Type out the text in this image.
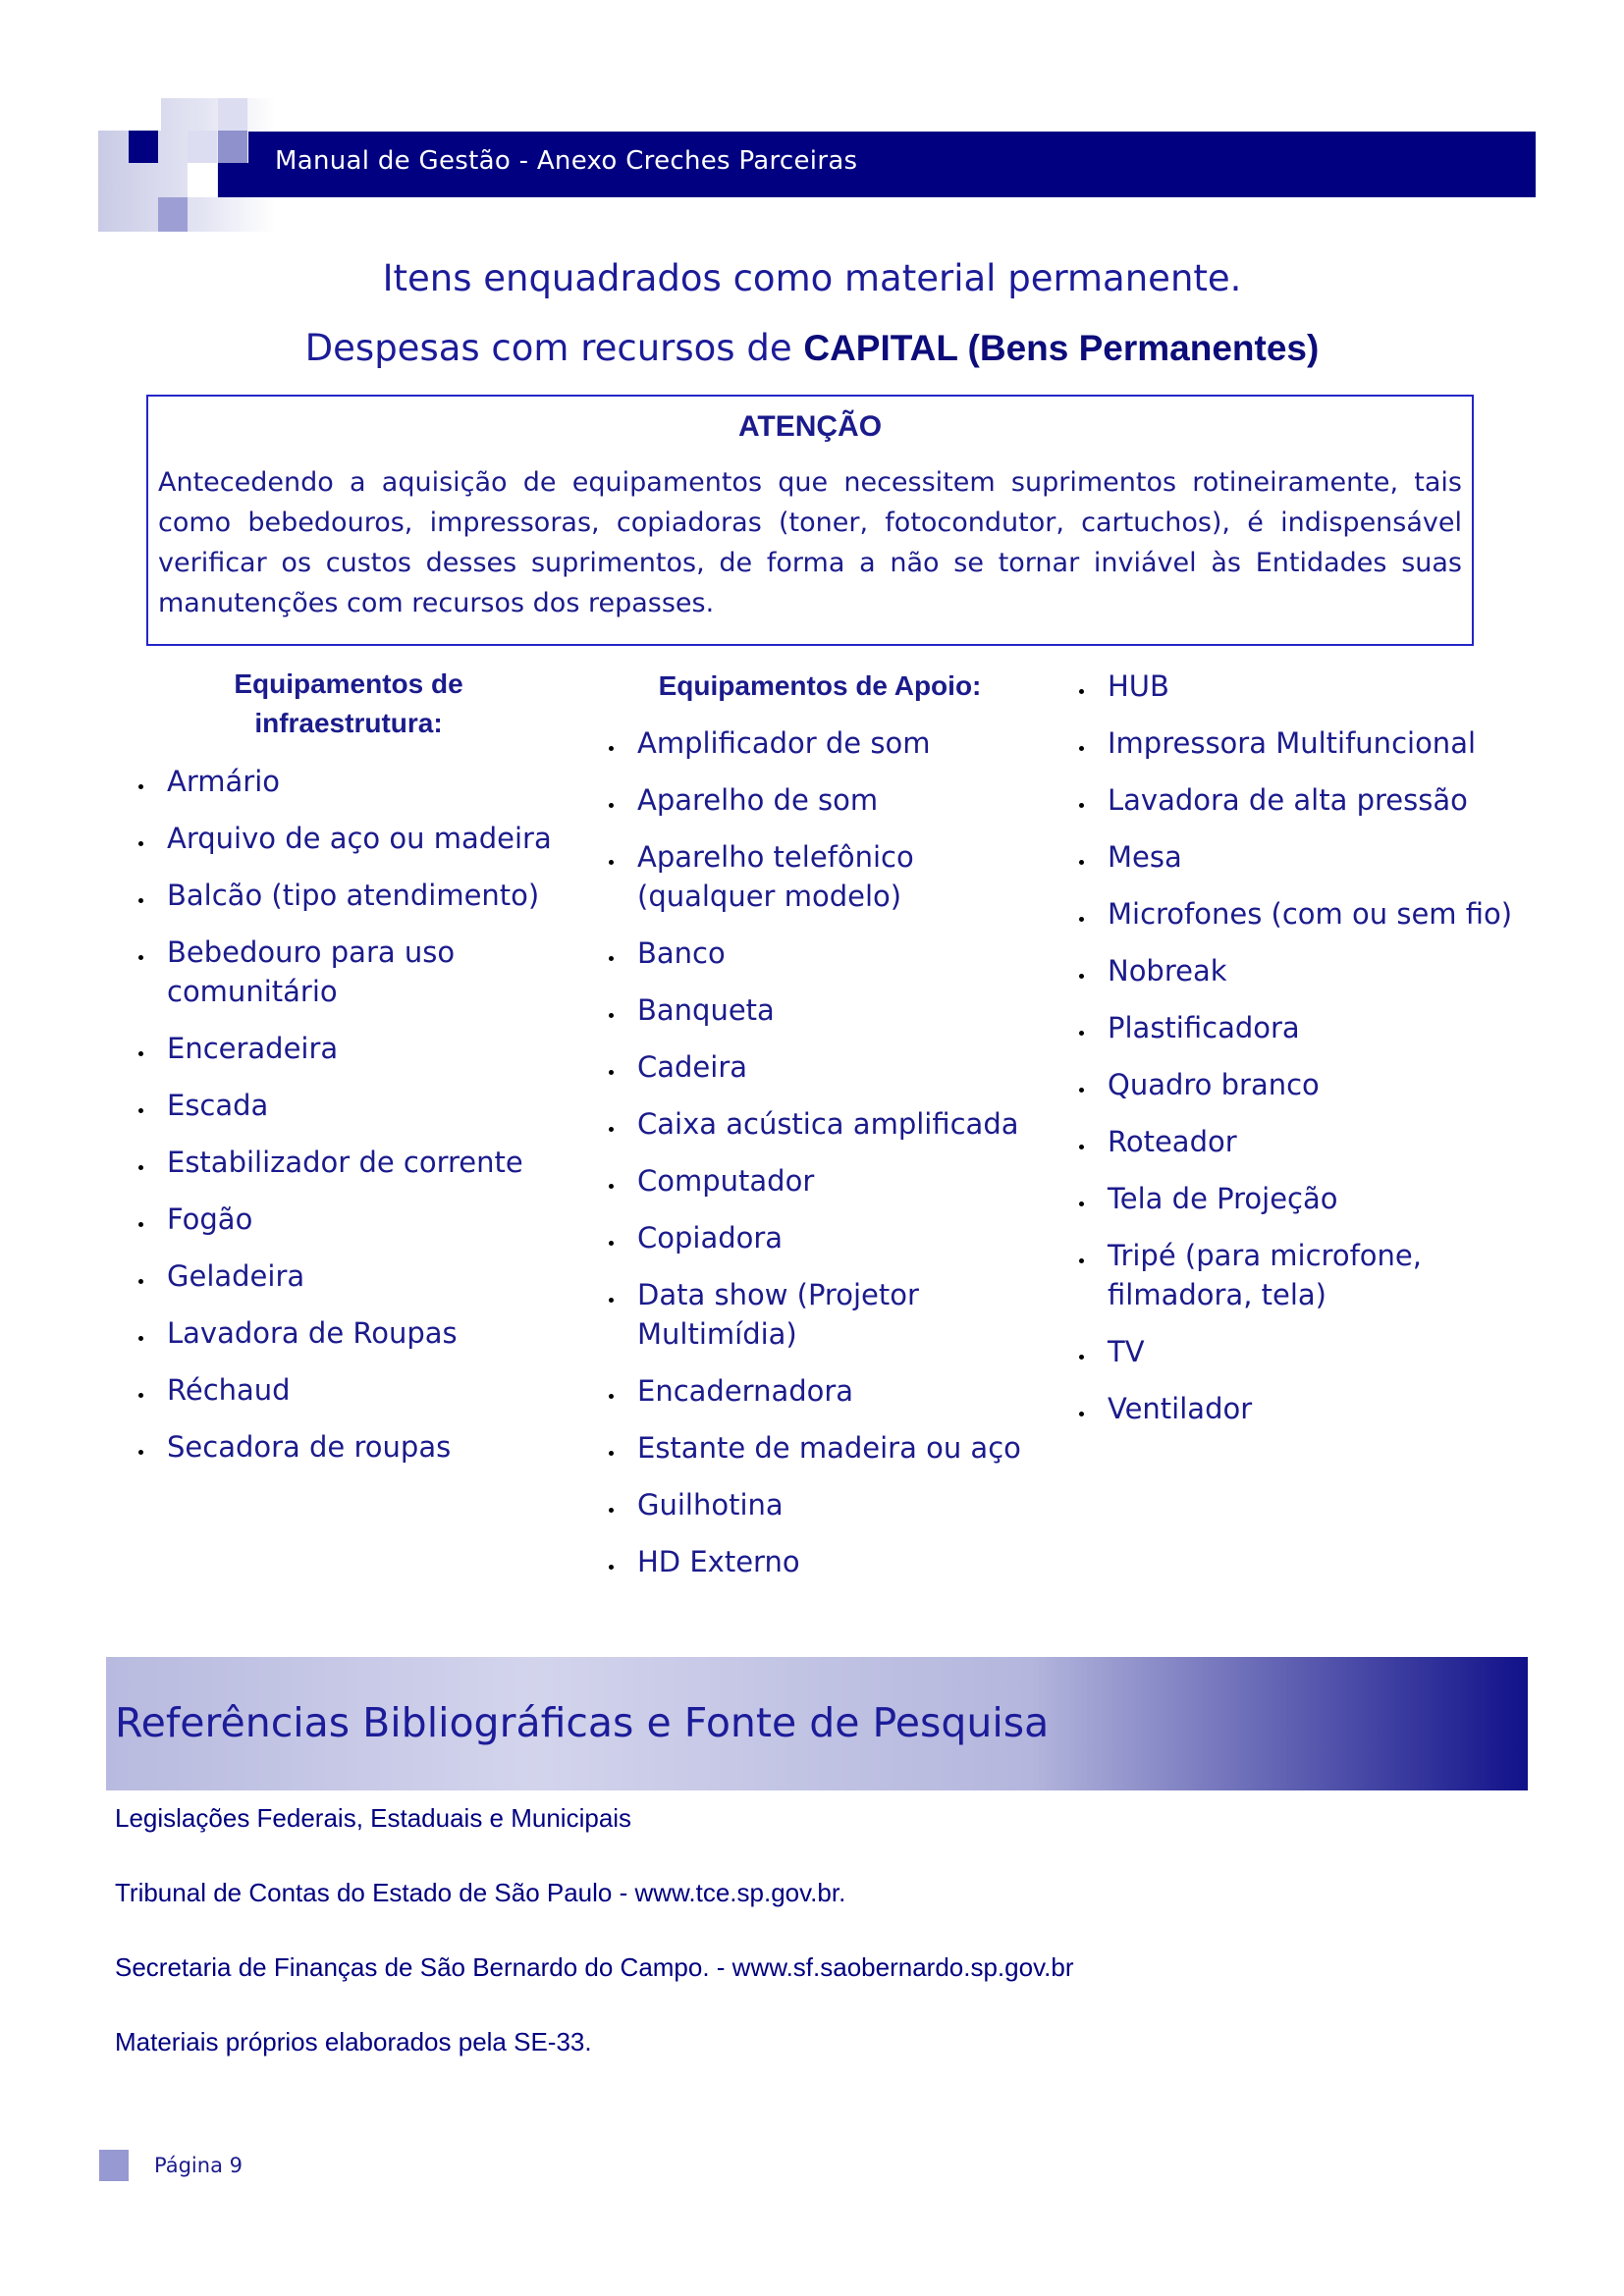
Manual de Gestão - Anexo Creches Parceiras
Itens enquadrados como material permanente.
Despesas com recursos de CAPITAL (Bens Permanentes)
ATENÇÃO
Antecedendo a aquisição de equipamentos que necessitem suprimentos rotineiramente, tais como bebedouros, impressoras, copiadoras (toner, fotocondutor, cartuchos), é indispensável verificar os custos desses suprimentos, de forma a não se tornar inviável às Entidades suas manutenções com recursos dos repasses.
Equipamentos de infraestrutura:
Armário
Arquivo de aço ou madeira
Balcão (tipo atendimento)
Bebedouro para uso comunitário
Enceradeira
Escada
Estabilizador de corrente
Fogão
Geladeira
Lavadora de Roupas
Réchaud
Secadora de roupas
Equipamentos de Apoio:
Amplificador de som
Aparelho de som
Aparelho telefônico (qualquer modelo)
Banco
Banqueta
Cadeira
Caixa acústica amplificada
Computador
Copiadora
Data show (Projetor Multimídia)
Encadernadora
Estante de madeira ou aço
Guilhotina
HD Externo
HUB
Impressora Multifuncional
Lavadora de alta pressão
Mesa
Microfones (com ou sem fio)
Nobreak
Plastificadora
Quadro branco
Roteador
Tela de Projeção
Tripé (para microfone, filmadora, tela)
TV
Ventilador
Referências Bibliográficas e Fonte de Pesquisa
Legislações Federais, Estaduais e Municipais
Tribunal de Contas do Estado de São Paulo - www.tce.sp.gov.br.
Secretaria de Finanças de São Bernardo do Campo. - www.sf.saobernardo.sp.gov.br
Materiais próprios elaborados pela SE-33.
Página 9
